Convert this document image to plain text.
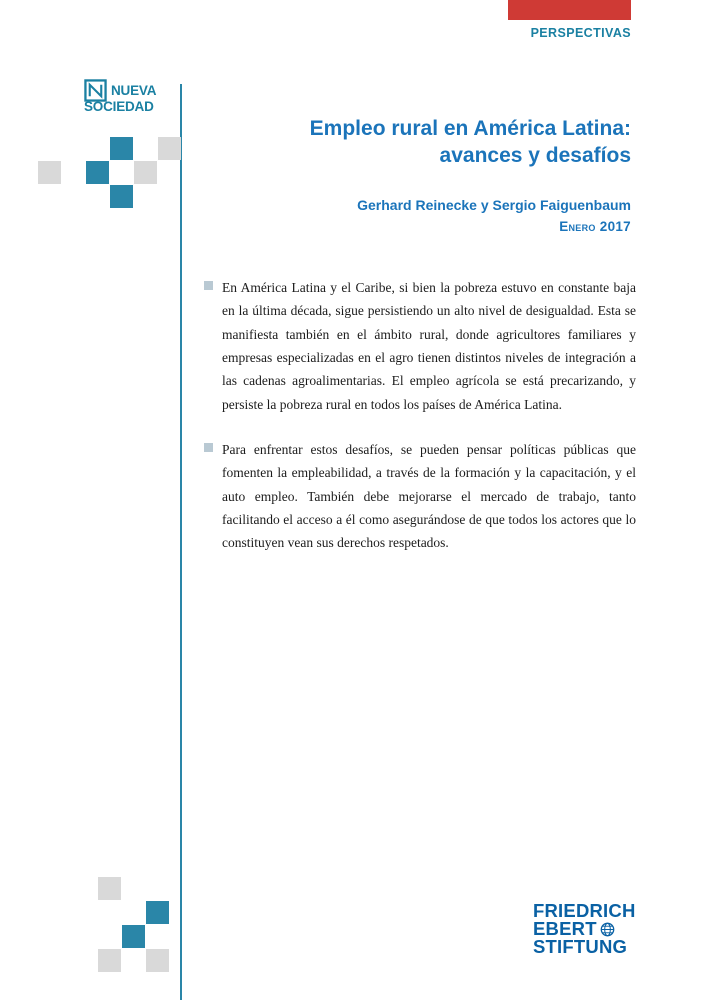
PERSPECTIVAS
NUEVA
SOCIEDAD
Empleo rural en América Latina:
avances y desafíos
Gerhard Reinecke y Sergio Faiguenbaum
Enero 2017
En América Latina y el Caribe, si bien la pobreza estuvo en constante baja en la última década, sigue persistiendo un alto nivel de desigualdad. Esta se manifiesta también en el ámbito rural, donde agricultores familiares y empresas especializadas en el agro tienen distintos niveles de integración a las cadenas agroalimentarias. El empleo agrícola se está precarizando, y persiste la pobreza rural en todos los países de América Latina.
Para enfrentar estos desafíos, se pueden pensar políticas públicas que fomenten la empleabilidad, a través de la formación y la capacitación, y el auto empleo. También debe mejorarse el mercado de trabajo, tanto facilitando el acceso a él como asegurándose de que todos los actores que lo constituyen vean sus derechos respetados.
FRIEDRICH
EBERT
STIFTUNG
